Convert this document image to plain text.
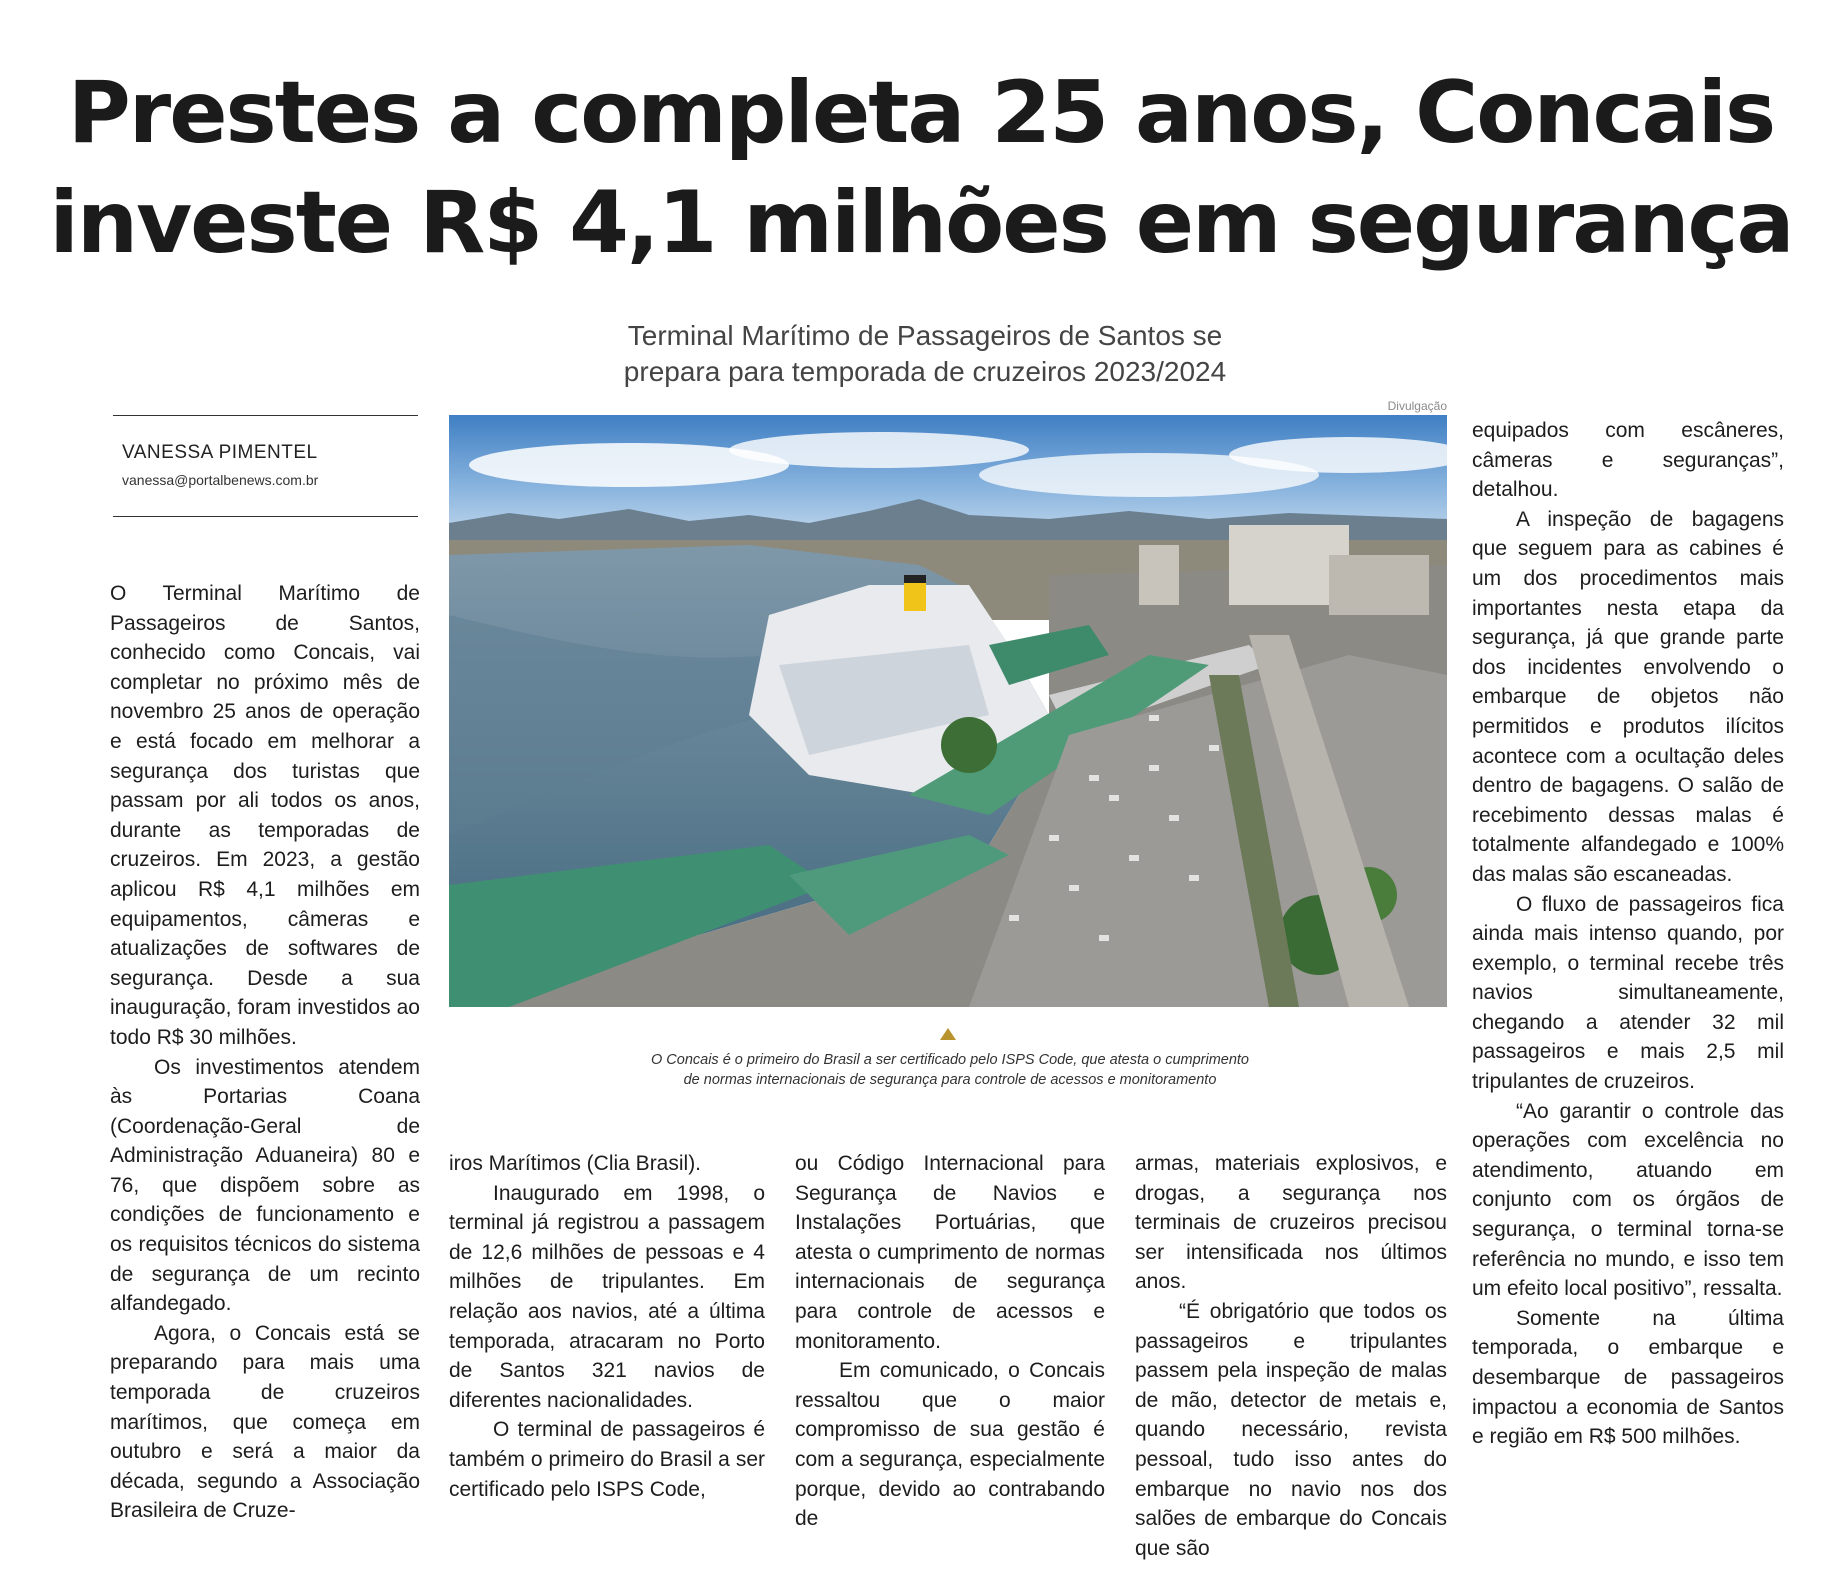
Prestes a completa 25 anos, Concais
investe R$ 4,1 milhões em segurança

Terminal Marítimo de Passageiros de Santos se
prepara para temporada de cruzeiros 2023/2024

VANESSA PIMENTEL
vanessa@portalbenews.com.br
Divulgação
O Concais é o primeiro do Brasil a ser certificado pelo ISPS Code, que atesta o cumprimento
de normas internacionais de segurança para controle de acessos e monitoramento

O Terminal Marítimo de Passageiros de Santos, conhecido como Concais, vai completar no próximo mês de novembro 25 anos de operação e está focado em melhorar a segurança dos turistas que passam por ali todos os anos, durante as temporadas de cruzeiros. Em 2023, a gestão aplicou R$ 4,1 milhões em equipamentos, câmeras e atualizações de softwares de segurança. Desde a sua inauguração, foram investidos ao todo R$ 30 milhões.

Os investimentos atendem às Portarias Coana (Coordenação-Geral de Administração Aduaneira) 80 e 76, que dispõem sobre as condições de funcionamento e os requisitos técnicos do sistema de segurança de um recinto alfandegado.

Agora, o Concais está se preparando para mais uma temporada de cruzeiros marítimos, que começa em outubro e será a maior da década, segundo a Associação Brasileira de Cruze-

iros Marítimos (Clia Brasil).

Inaugurado em 1998, o terminal já registrou a passagem de 12,6 milhões de pessoas e 4 milhões de tripulantes. Em relação aos navios, até a última temporada, atracaram no Porto de Santos 321 navios de diferentes nacionalidades.

O terminal de passageiros é também o primeiro do Brasil a ser certificado pelo ISPS Code,

ou Código Internacional para Segurança de Navios e Instalações Portuárias, que atesta o cumprimento de normas internacionais de segurança para controle de acessos e monitoramento.

Em comunicado, o Concais ressaltou que o maior compromisso de sua gestão é com a segurança, especialmente porque, devido ao contrabando de

armas, materiais explosivos, e drogas, a segurança nos terminais de cruzeiros precisou ser intensificada nos últimos anos.

“É obrigatório que todos os passageiros e tripulantes passem pela inspeção de malas de mão, detector de metais e, quando necessário, revista pessoal, tudo isso antes do embarque no navio nos dos salões de embarque do Concais que são

equipados com escâneres, câmeras e seguranças”, detalhou.

A inspeção de bagagens que seguem para as cabines é um dos procedimentos mais importantes nesta etapa da segurança, já que grande parte dos incidentes envolvendo o embarque de objetos não permitidos e produtos ilícitos acontece com a ocultação deles dentro de bagagens. O salão de recebimento dessas malas é totalmente alfandegado e 100% das malas são escaneadas.

O fluxo de passageiros fica ainda mais intenso quando, por exemplo, o terminal recebe três navios simultaneamente, chegando a atender 32 mil passageiros e mais 2,5 mil tripulantes de cruzeiros.

“Ao garantir o controle das operações com excelência no atendimento, atuando em conjunto com os órgãos de segurança, o terminal torna-se referência no mundo, e isso tem um efeito local positivo”, ressalta.

Somente na última temporada, o embarque e desembarque de passageiros impactou a economia de Santos e região em R$ 500 milhões.
